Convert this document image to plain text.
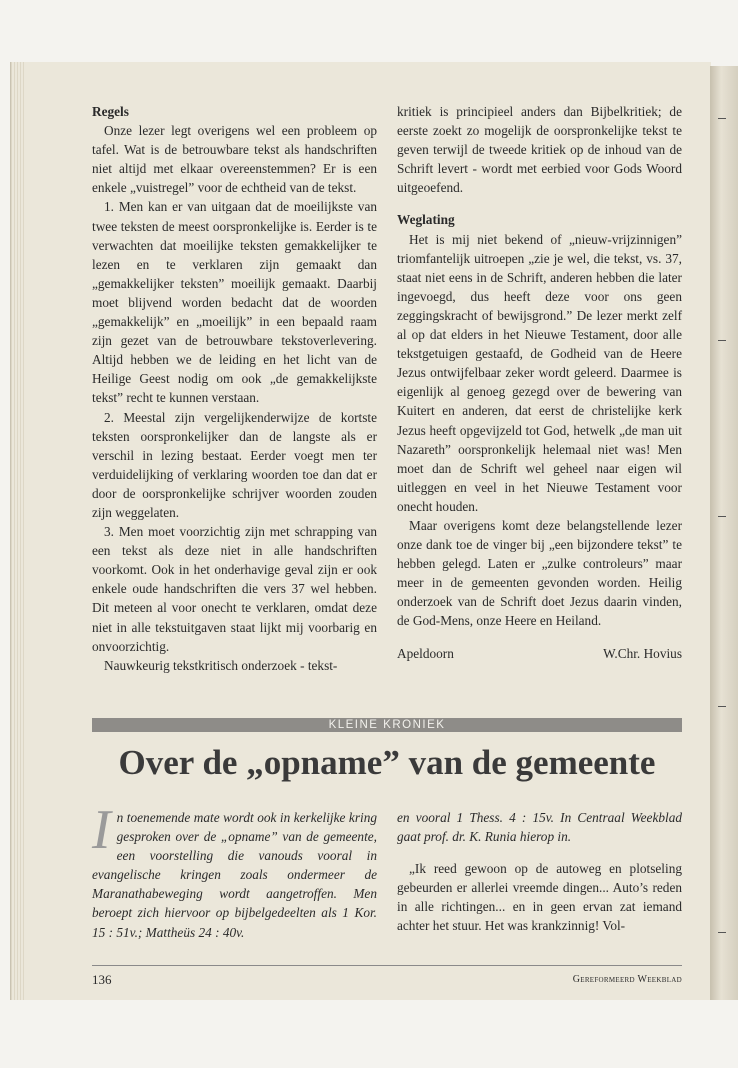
Regels

Onze lezer legt overigens wel een probleem op tafel. Wat is de betrouwbare tekst als handschriften niet altijd met elkaar overeenstemmen? Er is een enkele „vuistregel” voor de echtheid van de tekst.

1. Men kan er van uitgaan dat de moeilijkste van twee teksten de meest oorspronkelijke is. Eerder is te verwachten dat moeilijke teksten gemakkelijker te lezen en te verklaren zijn gemaakt dan „gemakkelijker teksten” moeilijk gemaakt. Daarbij moet blijvend worden bedacht dat de woorden „gemakkelijk” en „moeilijk” in een bepaald raam zijn gezet van de betrouwbare tekstoverlevering. Altijd hebben we de leiding en het licht van de Heilige Geest nodig om ook „de gemakkelijkste tekst” recht te kunnen verstaan.

2. Meestal zijn vergelijkenderwijze de kortste teksten oorspronkelijker dan de langste als er verschil in lezing bestaat. Eerder voegt men ter verduidelijking of verklaring woorden toe dan dat er door de oorspronkelijke schrijver woorden zouden zijn weggelaten.

3. Men moet voorzichtig zijn met schrapping van een tekst als deze niet in alle handschriften voorkomt. Ook in het onderhavige geval zijn er ook enkele oude handschriften die vers 37 wel hebben. Dit meteen al voor onecht te verklaren, omdat deze niet in alle tekstuitgaven staat lijkt mij voorbarig en onvoorzichtig.

Nauwkeurig tekstkritisch onderzoek - tekst-

kritiek is principieel anders dan Bijbelkritiek; de eerste zoekt zo mogelijk de oorspronkelijke tekst te geven terwijl de tweede kritiek op de inhoud van de Schrift levert - wordt met eerbied voor Gods Woord uitgeoefend.

Weglating

Het is mij niet bekend of „nieuw-vrijzinnigen” triomfantelijk uitroepen „zie je wel, die tekst, vs. 37, staat niet eens in de Schrift, anderen hebben die later ingevoegd, dus heeft deze voor ons geen zeggingskracht of bewijsgrond.” De lezer merkt zelf al op dat elders in het Nieuwe Testament, door alle tekstgetuigen gestaafd, de Godheid van de Heere Jezus ontwijfelbaar zeker wordt geleerd. Daarmee is eigenlijk al genoeg gezegd over de bewering van Kuitert en anderen, dat eerst de christelijke kerk Jezus heeft opgevijzeld tot God, hetwelk „de man uit Nazareth” oorspronkelijk helemaal niet was! Men moet dan de Schrift wel geheel naar eigen wil uitleggen en veel in het Nieuwe Testament voor onecht houden.

Maar overigens komt deze belangstellende lezer onze dank toe de vinger bij „een bijzondere tekst” te hebben gelegd. Laten er „zulke controleurs” maar meer in de gemeenten gevonden worden. Heilig onderzoek van de Schrift doet Jezus daarin vinden, de God-Mens, onze Heere en Heiland.

Apeldoorn	W.Chr. Hovius
KLEINE KRONIEK
Over de „opname” van de gemeente
I n toenemende mate wordt ook in kerkelijke kring gesproken over de „opname” van de gemeente, een voorstelling die vanouds vooral in evangelische kringen zoals ondermeer de Maranathabeweging wordt aangetroffen. Men beroept zich hiervoor op bijbelgedeelten als 1 Kor. 15 : 51v.; Mattheüs 24 : 40v.

en vooral 1 Thess. 4 : 15v. In Centraal Weekblad gaat prof. dr. K. Runia hierop in.

„Ik reed gewoon op de autoweg en plotseling gebeurden er allerlei vreemde dingen... Auto’s reden in alle richtingen... en in geen ervan zat iemand achter het stuur. Het was krankzinnig! Vol-

136	Gereformeerd Weekblad
